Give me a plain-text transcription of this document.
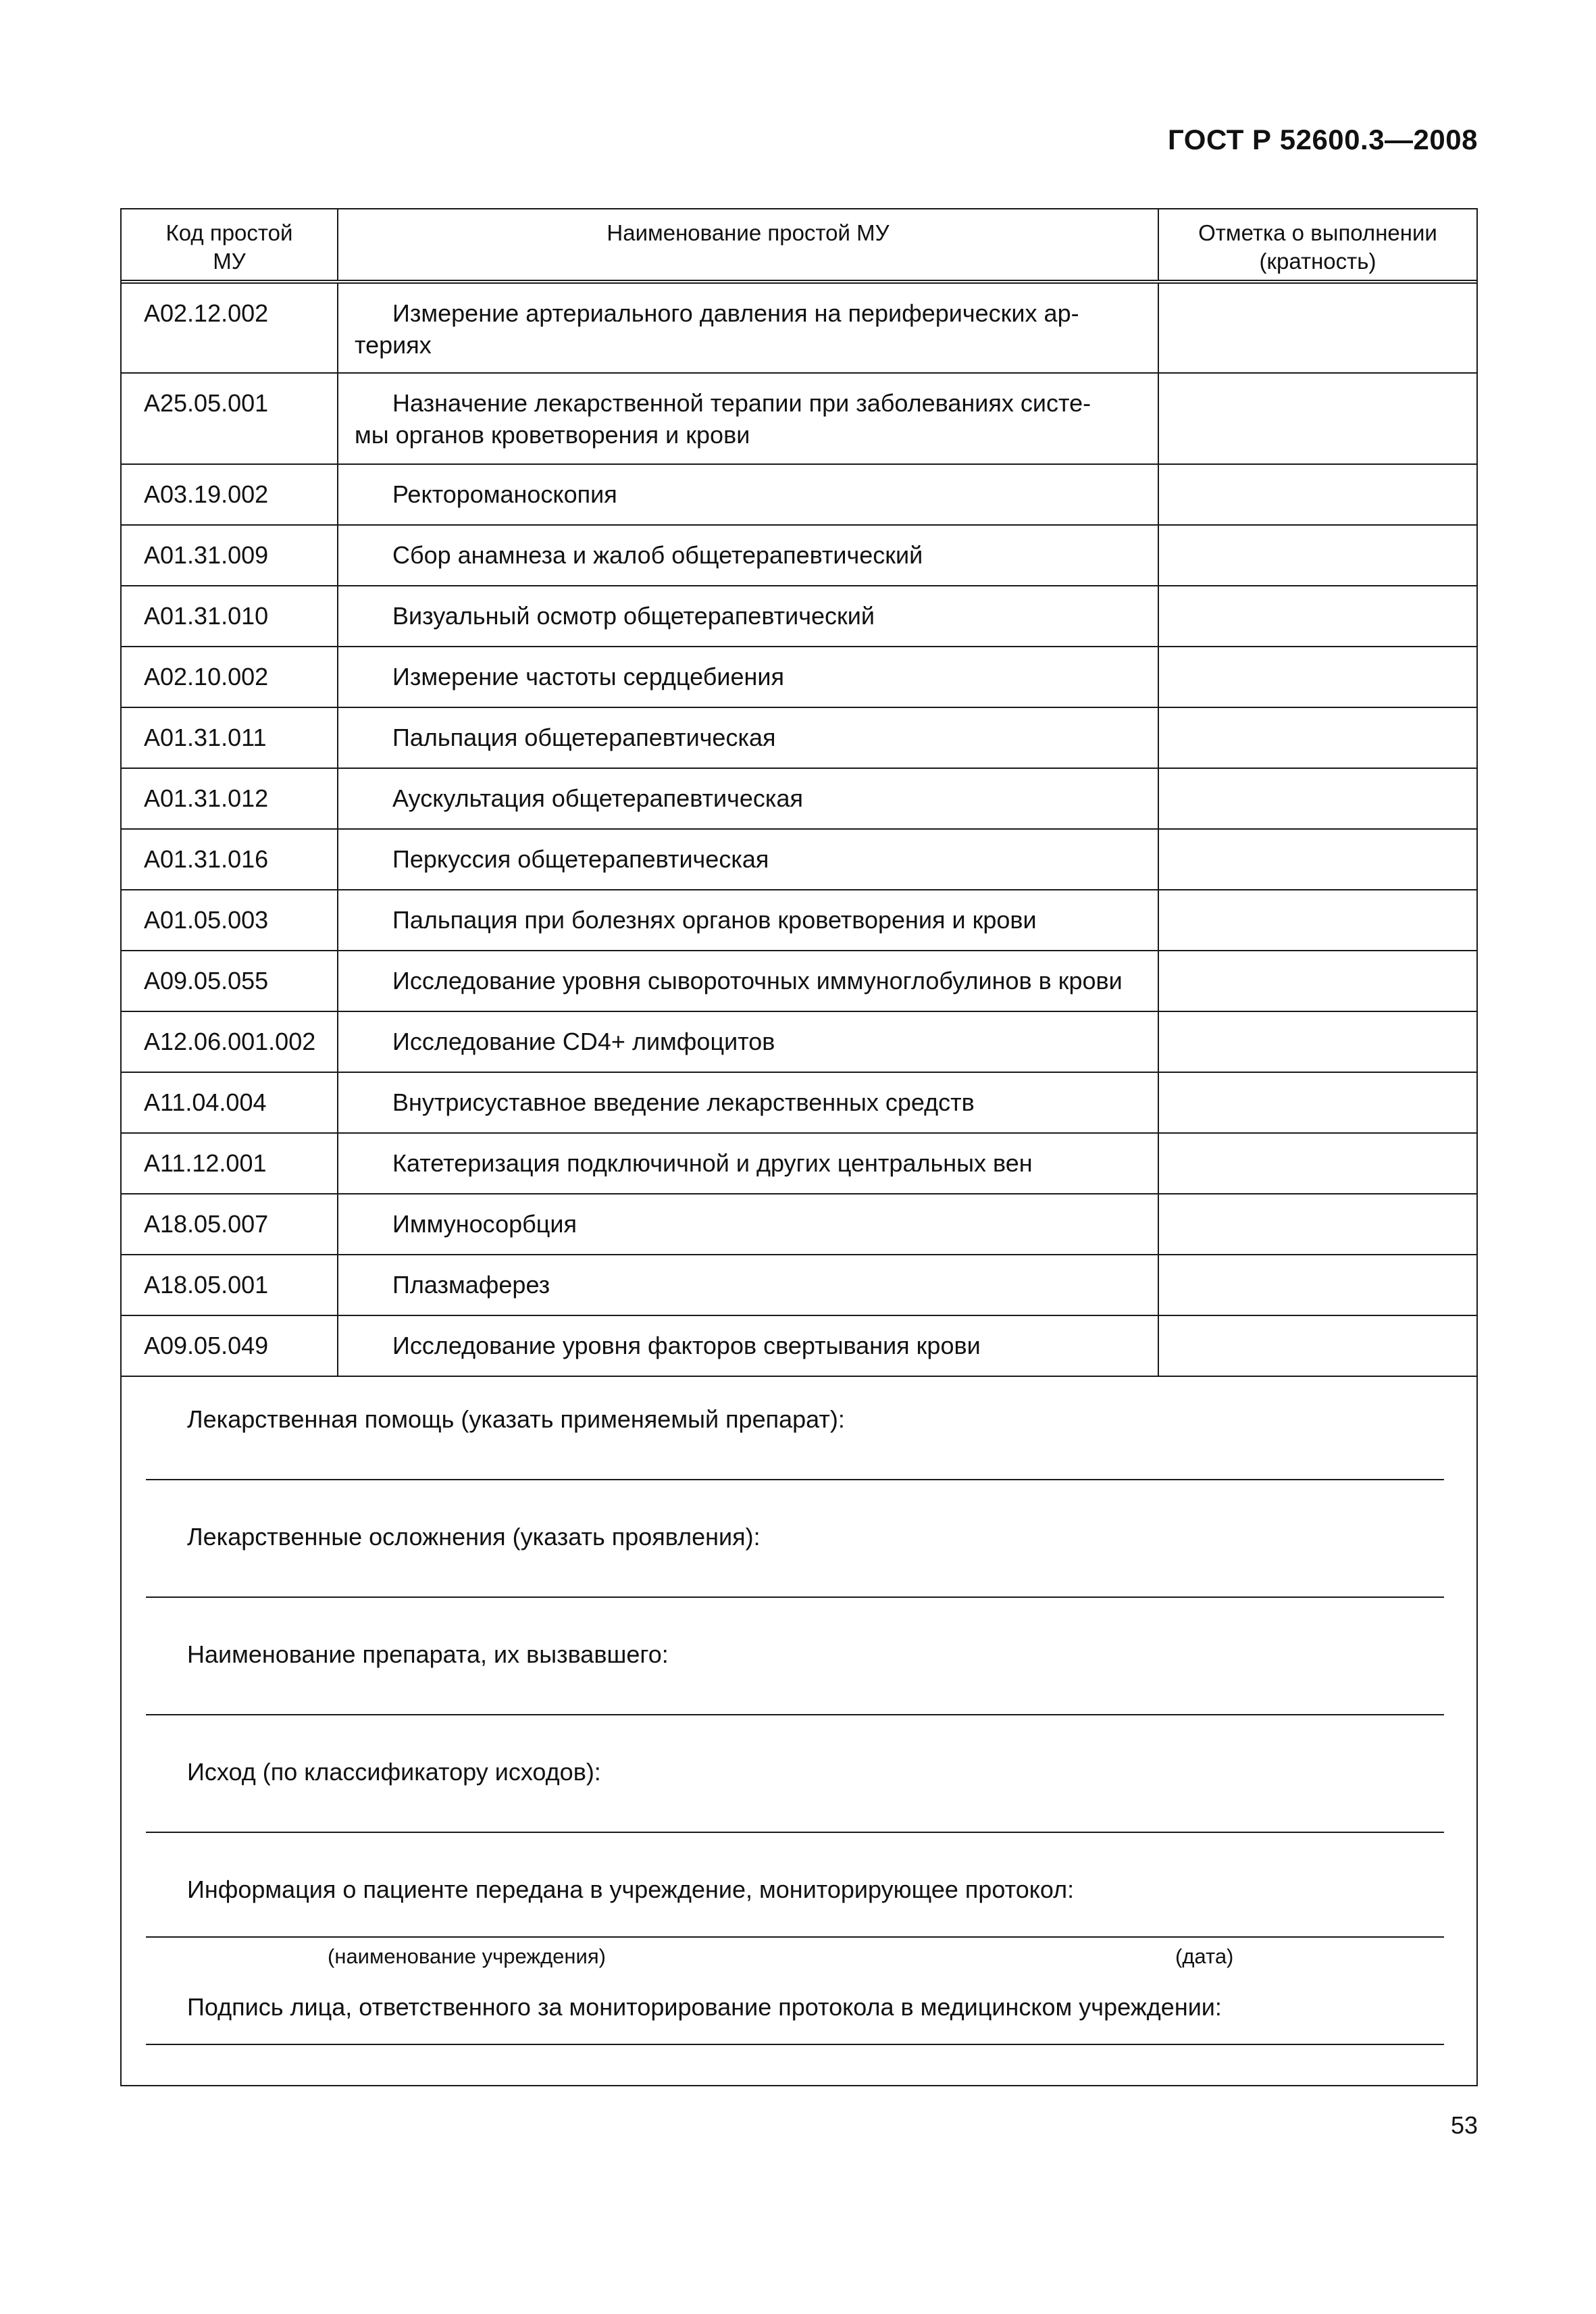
ГОСТ Р 52600.3—2008
Код простой МУ	Наименование простой МУ	Отметка о выполнении (кратность)

A02.12.002	Измерение артериального давления на периферических ар-
териях	

A25.05.001	Назначение лекарственной терапии при заболеваниях систе-
мы органов кроветворения и крови	

A03.19.002	Ректороманоскопия	

A01.31.009	Сбор анамнеза и жалоб общетерапевтический	

A01.31.010	Визуальный осмотр общетерапевтический	

A02.10.002	Измерение частоты сердцебиения	

A01.31.011	Пальпация общетерапевтическая	

A01.31.012	Аускультация общетерапевтическая	

A01.31.016	Перкуссия общетерапевтическая	

A01.05.003	Пальпация при болезнях органов кроветворения и крови	

A09.05.055	Исследование уровня сывороточных иммуноглобулинов в крови	

A12.06.001.002	Исследование CD4+ лимфоцитов	

A11.04.004	Внутрисуставное введение лекарственных средств	

A11.12.001	Катетеризация подключичной и других центральных вен	

A18.05.007	Иммуносорбция	

A18.05.001	Плазмаферез	

A09.05.049	Исследование уровня факторов свертывания крови	

Лекарственная помощь (указать применяемый препарат):
Лекарственные осложнения (указать проявления):
Наименование препарата, их вызвавшего:
Исход (по классификатору исходов):
Информация о пациенте передана в учреждение, мониторирующее протокол:
(наименование учреждения)	(дата)
Подпись лица, ответственного за мониторирование протокола в медицинском учреждении:
53
